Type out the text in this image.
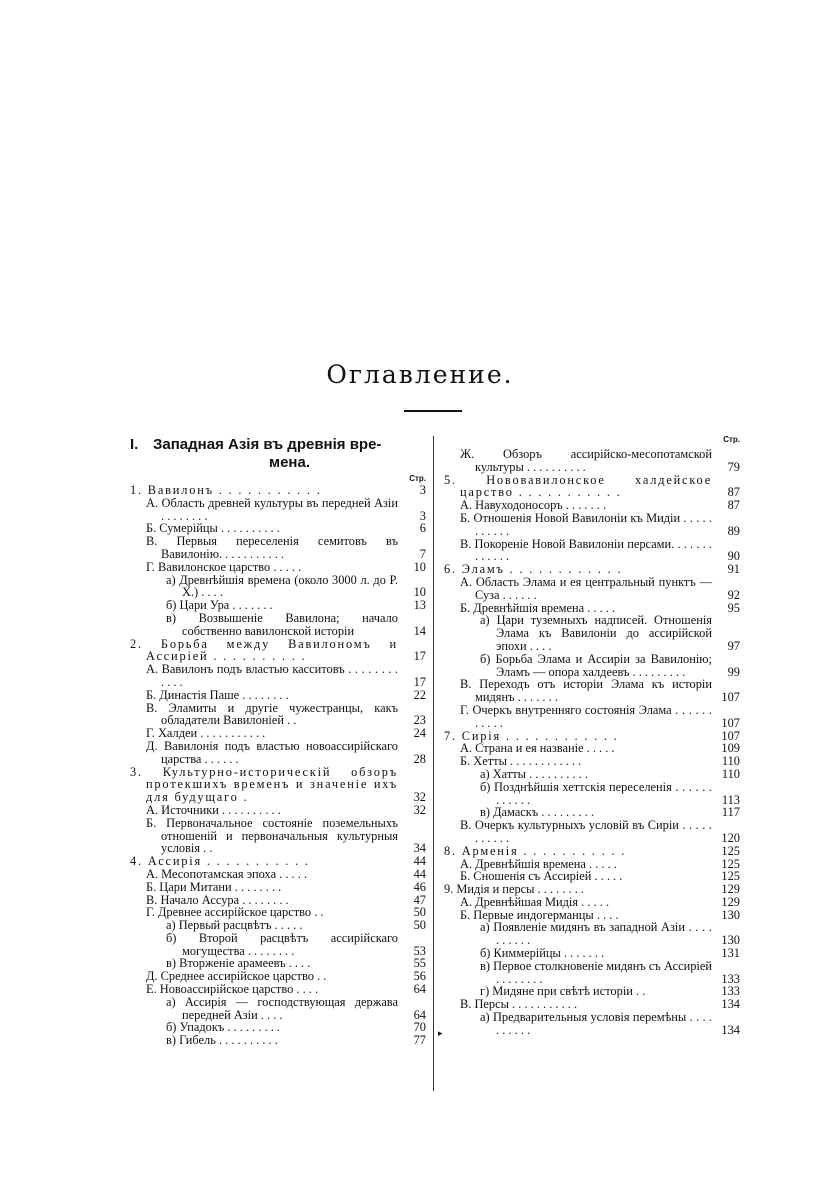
Оглавление.
▸
I. Западная Азія въ древнія вре-
мена.
Стр.
1. Вавилонъ . . . . . . . . . . .	3
А. Область древней культуры въ передней Азіи . . . . . . . .	3
Б. Сумерійцы . . . . . . . . . .	6
В. Первыя переселенія семитовъ въ Вавилонію. . . . . . . . . . .	7
Г. Вавилонское царство . . . . .	10
а) Древнѣйшія времена (около 3000 л. до Р. Х.) . . . .	10
б) Цари Ура . . . . . . .	13
в) Возвышеніе Вавилона; начало собственно вавилонской исторіи	14
2. Борьба между Вавилономъ и Ассиріей . . . . . . . . . .	17
А. Вавилонъ подъ властью касситовъ . . . . . . . . . . . .	17
Б. Династія Паше . . . . . . . .	22
В. Эламиты и другіе чужестранцы, какъ обладатели Вавилоніей . .	23
Г. Халдеи . . . . . . . . . . .	24
Д. Вавилонія подъ властью новоассирійскаго царства . . . . . .	28
3. Культурно-историческій обзоръ протекшихъ временъ и значеніе ихъ для будущаго .	32
А. Источники . . . . . . . . . .	32
Б. Первоначальное состояніе поземельныхъ отношеній и первоначальныя культурныя условія . .	34
4. Ассирія . . . . . . . . . . .	44
А. Месопотамская эпоха . . . . .	44
Б. Цари Митани . . . . . . . .	46
В. Начало Ассура . . . . . . . .	47
Г. Древнее ассирійское царство . .	50
а) Первый расцвѣтъ . . . . .	50
б) Второй расцвѣтъ ассирійскаго могущества . . . . . . . .	53
в) Вторженіе арамеевъ . . . .	55
Д. Среднее ассирійское царство . .	56
Е. Новоассирійское царство . . . .	64
а) Ассирія — господствующая держава передней Азіи . . . .	64
б) Упадокъ . . . . . . . . .	70
в) Гибель . . . . . . . . . .	77
Стр.
Ж. Обзоръ ассирійско-месопотамской культуры . . . . . . . . . .	79
5. Нововавилонское халдейское царство . . . . . . . . . . .	87
А. Навуходоносоръ . . . . . . .	87
Б. Отношенія Новой Вавилоніи къ Мидіи . . . . . . . . . . .	89
В. Покореніе Новой Вавилоніи персами. . . . . . . . . . . . .	90
6. Эламъ . . . . . . . . . . . .	91
А. Область Элама и ея центральный пунктъ — Суза . . . . . .	92
Б. Древнѣйшія времена . . . . .	95
а) Цари туземныхъ надписей. Отношенія Элама къ Вавилоніи до ассирійской эпохи . . . .	97
б) Борьба Элама и Ассиріи за Вавилонію; Эламъ — опора халдеевъ . . . . . . . . .	99
В. Переходъ отъ исторіи Элама къ исторіи мидянъ . . . . . . .	107
Г. Очеркъ внутренняго состоянія Элама . . . . . . . . . . .	107
7. Сирія . . . . . . . . . . . .	107
А. Страна и ея названіе . . . . .	109
Б. Хетты . . . . . . . . . . . .	110
а) Хатты . . . . . . . . . .	110
б) Позднѣйшія хеттскія переселенія . . . . . . . . . . . .	113
в) Дамаскъ . . . . . . . . .	117
В. Очеркъ культурныхъ условій въ Сиріи . . . . . . . . . . .	120
8. Арменія . . . . . . . . . . .	125
А. Древнѣйшія времена . . . . .	125
Б. Сношенія съ Ассиріей . . . . .	125
9. Мидія и персы . . . . . . . .	129
А. Древнѣйшая Мидія . . . . .	129
Б. Первые индогерманцы . . . .	130
а) Появленіе мидянъ въ западной Азіи . . . . . . . . . .	130
б) Киммерійцы . . . . . . .	131
в) Первое столкновеніе мидянъ съ Ассиріей . . . . . . . .	133
г) Мидяне при свѣтѣ исторіи . .	133
В. Персы . . . . . . . . . . .	134
а) Предварительныя условія перемѣны . . . . . . . . . .	134
